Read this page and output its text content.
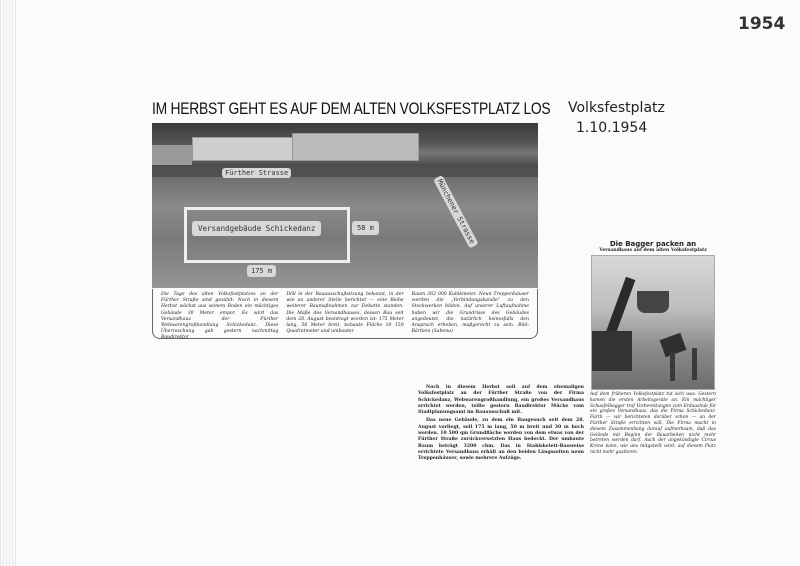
1954
IM HERBST GEHT ES AUF DEM ALTEN VOLKSFESTPLATZ LOS
Fürther Strasse
Münchener Strasse
Versandgebäude Schickedanz	58 m
175 m

Die Tage des alten Volksfestplatzes an der Fürther Straße sind gezählt: Noch in diesem Herbst wächst aus seinem Boden ein mächtiges Gebäude 30 Meter empor. Es wird das Versandhaus der Fürther Webwarengroßhandlung Schickedanz. Diese Überraschung gab gestern nachmittag Baudirektor

Döll in der Bauausschußsitzung bekannt, in der wie an anderer Stelle berichtet — eine Reihe weiterer Baumaßnahmen zur Debatte standen. Die Maße des Versandhauses, dessen Bau seit dem 28. August beantragt worden ist: 175 Meter lang, 58 Meter breit, bebaute Fläche 10 150 Quadratmeter und umbauter

Raum 262 000 Kubikmeter. Neun Treppenhäuser werden die „Verbindungskanäle“ zu den Stockwerken bilden. Auf unserer Luftaufnahme haben wir die Grundrisse des Gebäudes angedeutet, die natürlich keinesfalls den Anspruch erheben, maßgerecht zu sein. Bild: Bärtlein (Sahena)

Volksfestplatz
1.10.1954

Noch in diesem Herbst soll auf dem ehemaligen Volksfestplatz an der Fürther Straße von der Firma Schickedanz, Webwarengroßhandlung, ein großes Versandhaus errichtet werden, teilte gestern Baudirektor Mücke vom Stadtplanungsamt im Bauausschuß mit.

Das neue Gebäude, zu dem ein Baugesuch seit dem 28. August vorliegt, soll 175 m lang, 50 m breit und 30 m hoch werden. 10 500 qm Grundfläche werden von dem etwas von der Fürther Straße zurückversetzten Haus bedeckt. Der umbaute Raum beträgt 3200 cbm. Das in Stahlskelett-Bauweise errichtete Versandhaus erhält an den beiden Längsseiten neun Treppenhäuser, sowie mehrere Aufzüge.

Die Bagger packen an
Versandhaus auf dem alten Volksfestplatz

Auf dem früheren Volksfestplatz tut sich was. Gestern kamen die ersten Arbeitsgeräte an. Ein mächtiger Schaufelbagger traf Vorbereitungen zum Erdaushub für ein großes Versandhaus, das die Firma Schickedanz-Fürth — wir berichteten darüber schon — an der Fürther Straße errichten will. Die Firma macht in diesem Zusammenhang darauf aufmerksam, daß das Gelände mit Beginn der Bauarbeiten nicht mehr betreten werden darf. Auch der angekündigte Circus Krone kann, wie uns mitgeteilt wird, auf diesem Platz nicht mehr gastieren.
